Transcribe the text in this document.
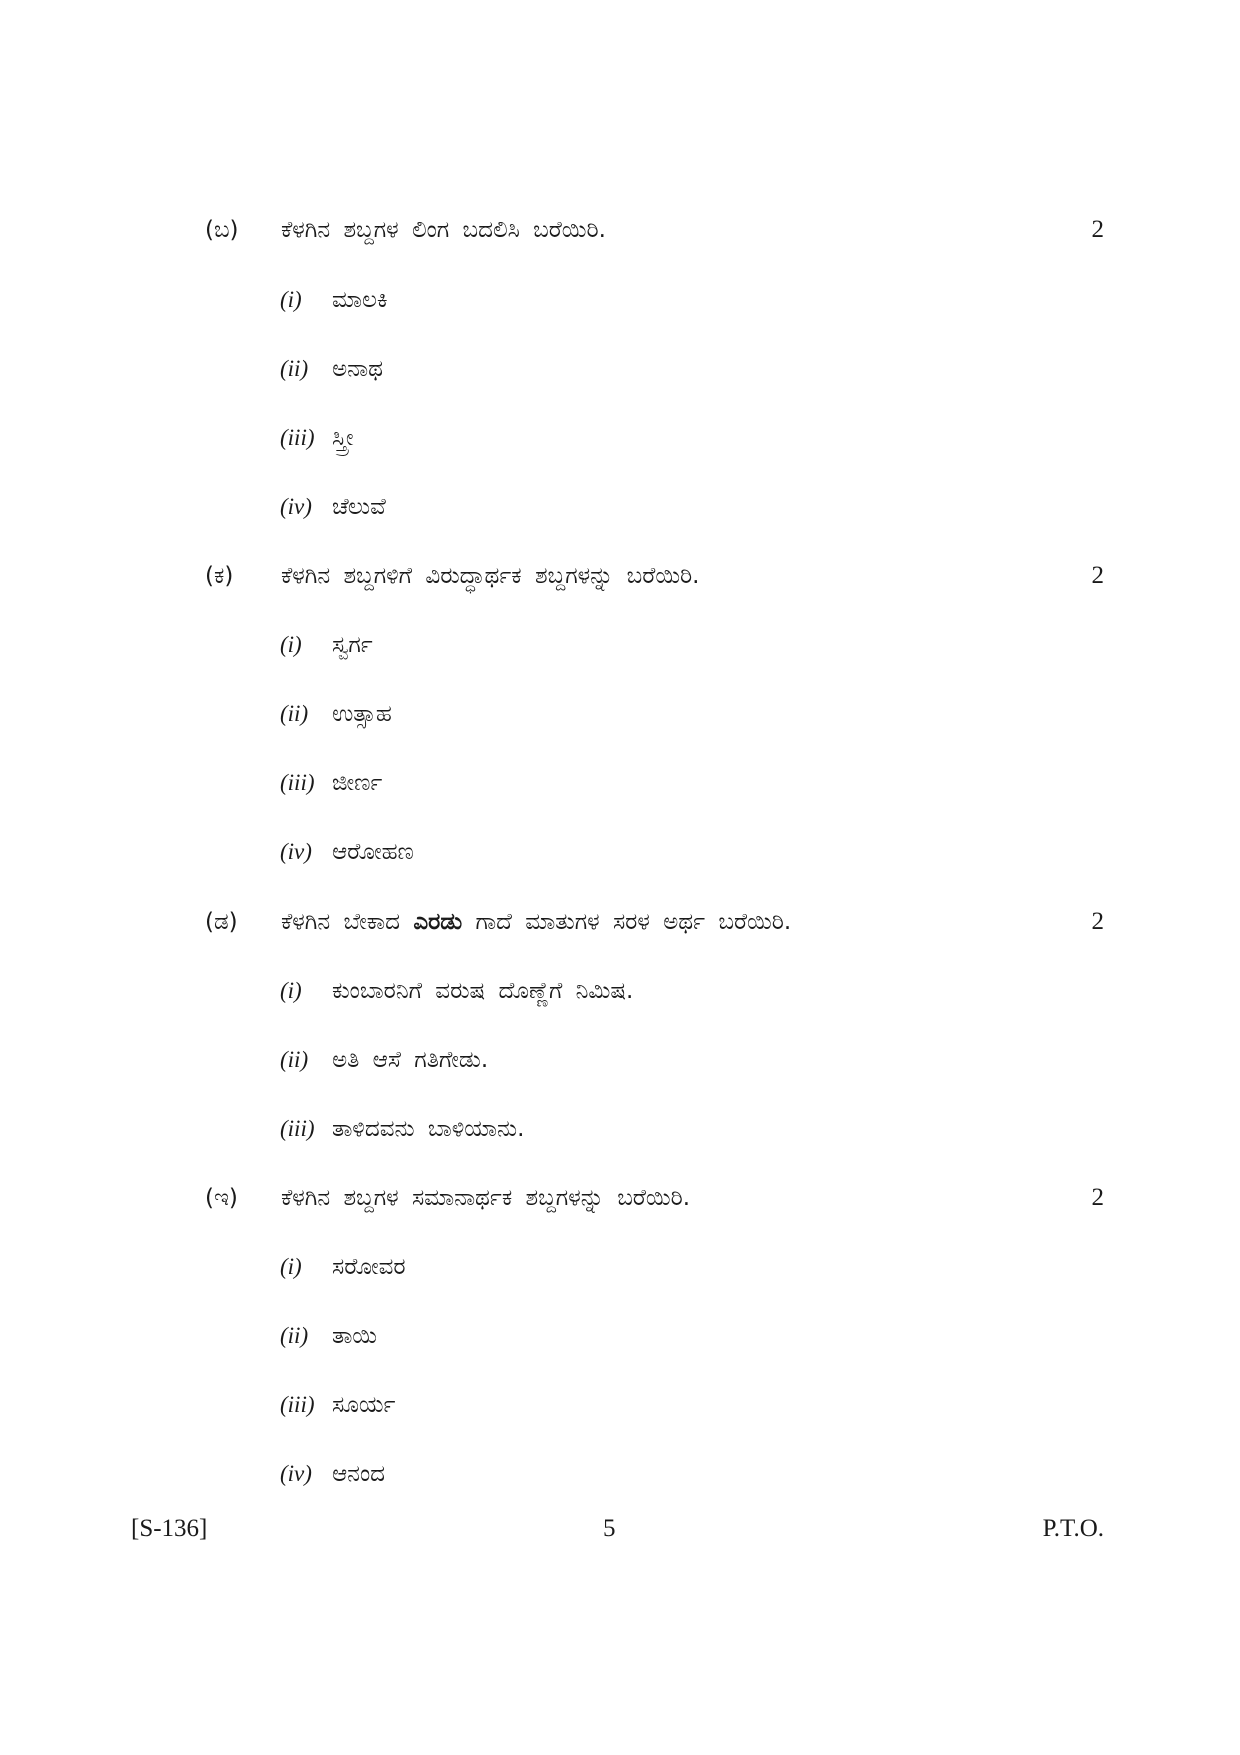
(ಬ)	ಕೆಳಗಿನ ಶಬ್ದಗಳ ಲಿಂಗ ಬದಲಿಸಿ ಬರೆಯಿರಿ.	2
(i)	ಮಾಲಕಿ
(ii)	ಅನಾಥ
(iii) ಸ್ತ್ರೀ
(iv) ಚೆಲುವೆ
(ಕ)	ಕೆಳಗಿನ ಶಬ್ದಗಳಿಗೆ ವಿರುದ್ಧಾರ್ಥಕ ಶಬ್ದಗಳನ್ನು ಬರೆಯಿರಿ.	2
(i)	ಸ್ವರ್ಗ
(ii)	ಉತ್ಸಾಹ
(iii) ಜೀರ್ಣ
(iv) ಆರೋಹಣ
(ಡ)	ಕೆಳಗಿನ ಬೇಕಾದ ಎರಡು ಗಾದೆ ಮಾತುಗಳ ಸರಳ ಅರ್ಥ ಬರೆಯಿರಿ.	2
(i)	ಕುಂಬಾರನಿಗೆ ವರುಷ ದೊಣ್ಣೆಗೆ ನಿಮಿಷ.
(ii)	ಅತಿ ಆಸೆ ಗತಿಗೇಡು.
(iii) ತಾಳಿದವನು ಬಾಳಿಯಾನು.
(ಇ)	ಕೆಳಗಿನ ಶಬ್ದಗಳ ಸಮಾನಾರ್ಥಕ ಶಬ್ದಗಳನ್ನು ಬರೆಯಿರಿ.	2
(i)	ಸರೋವರ
(ii)	ತಾಯಿ
(iii) ಸೂರ್ಯ
(iv) ಆನಂದ
[S-136]	5	P.T.O.
